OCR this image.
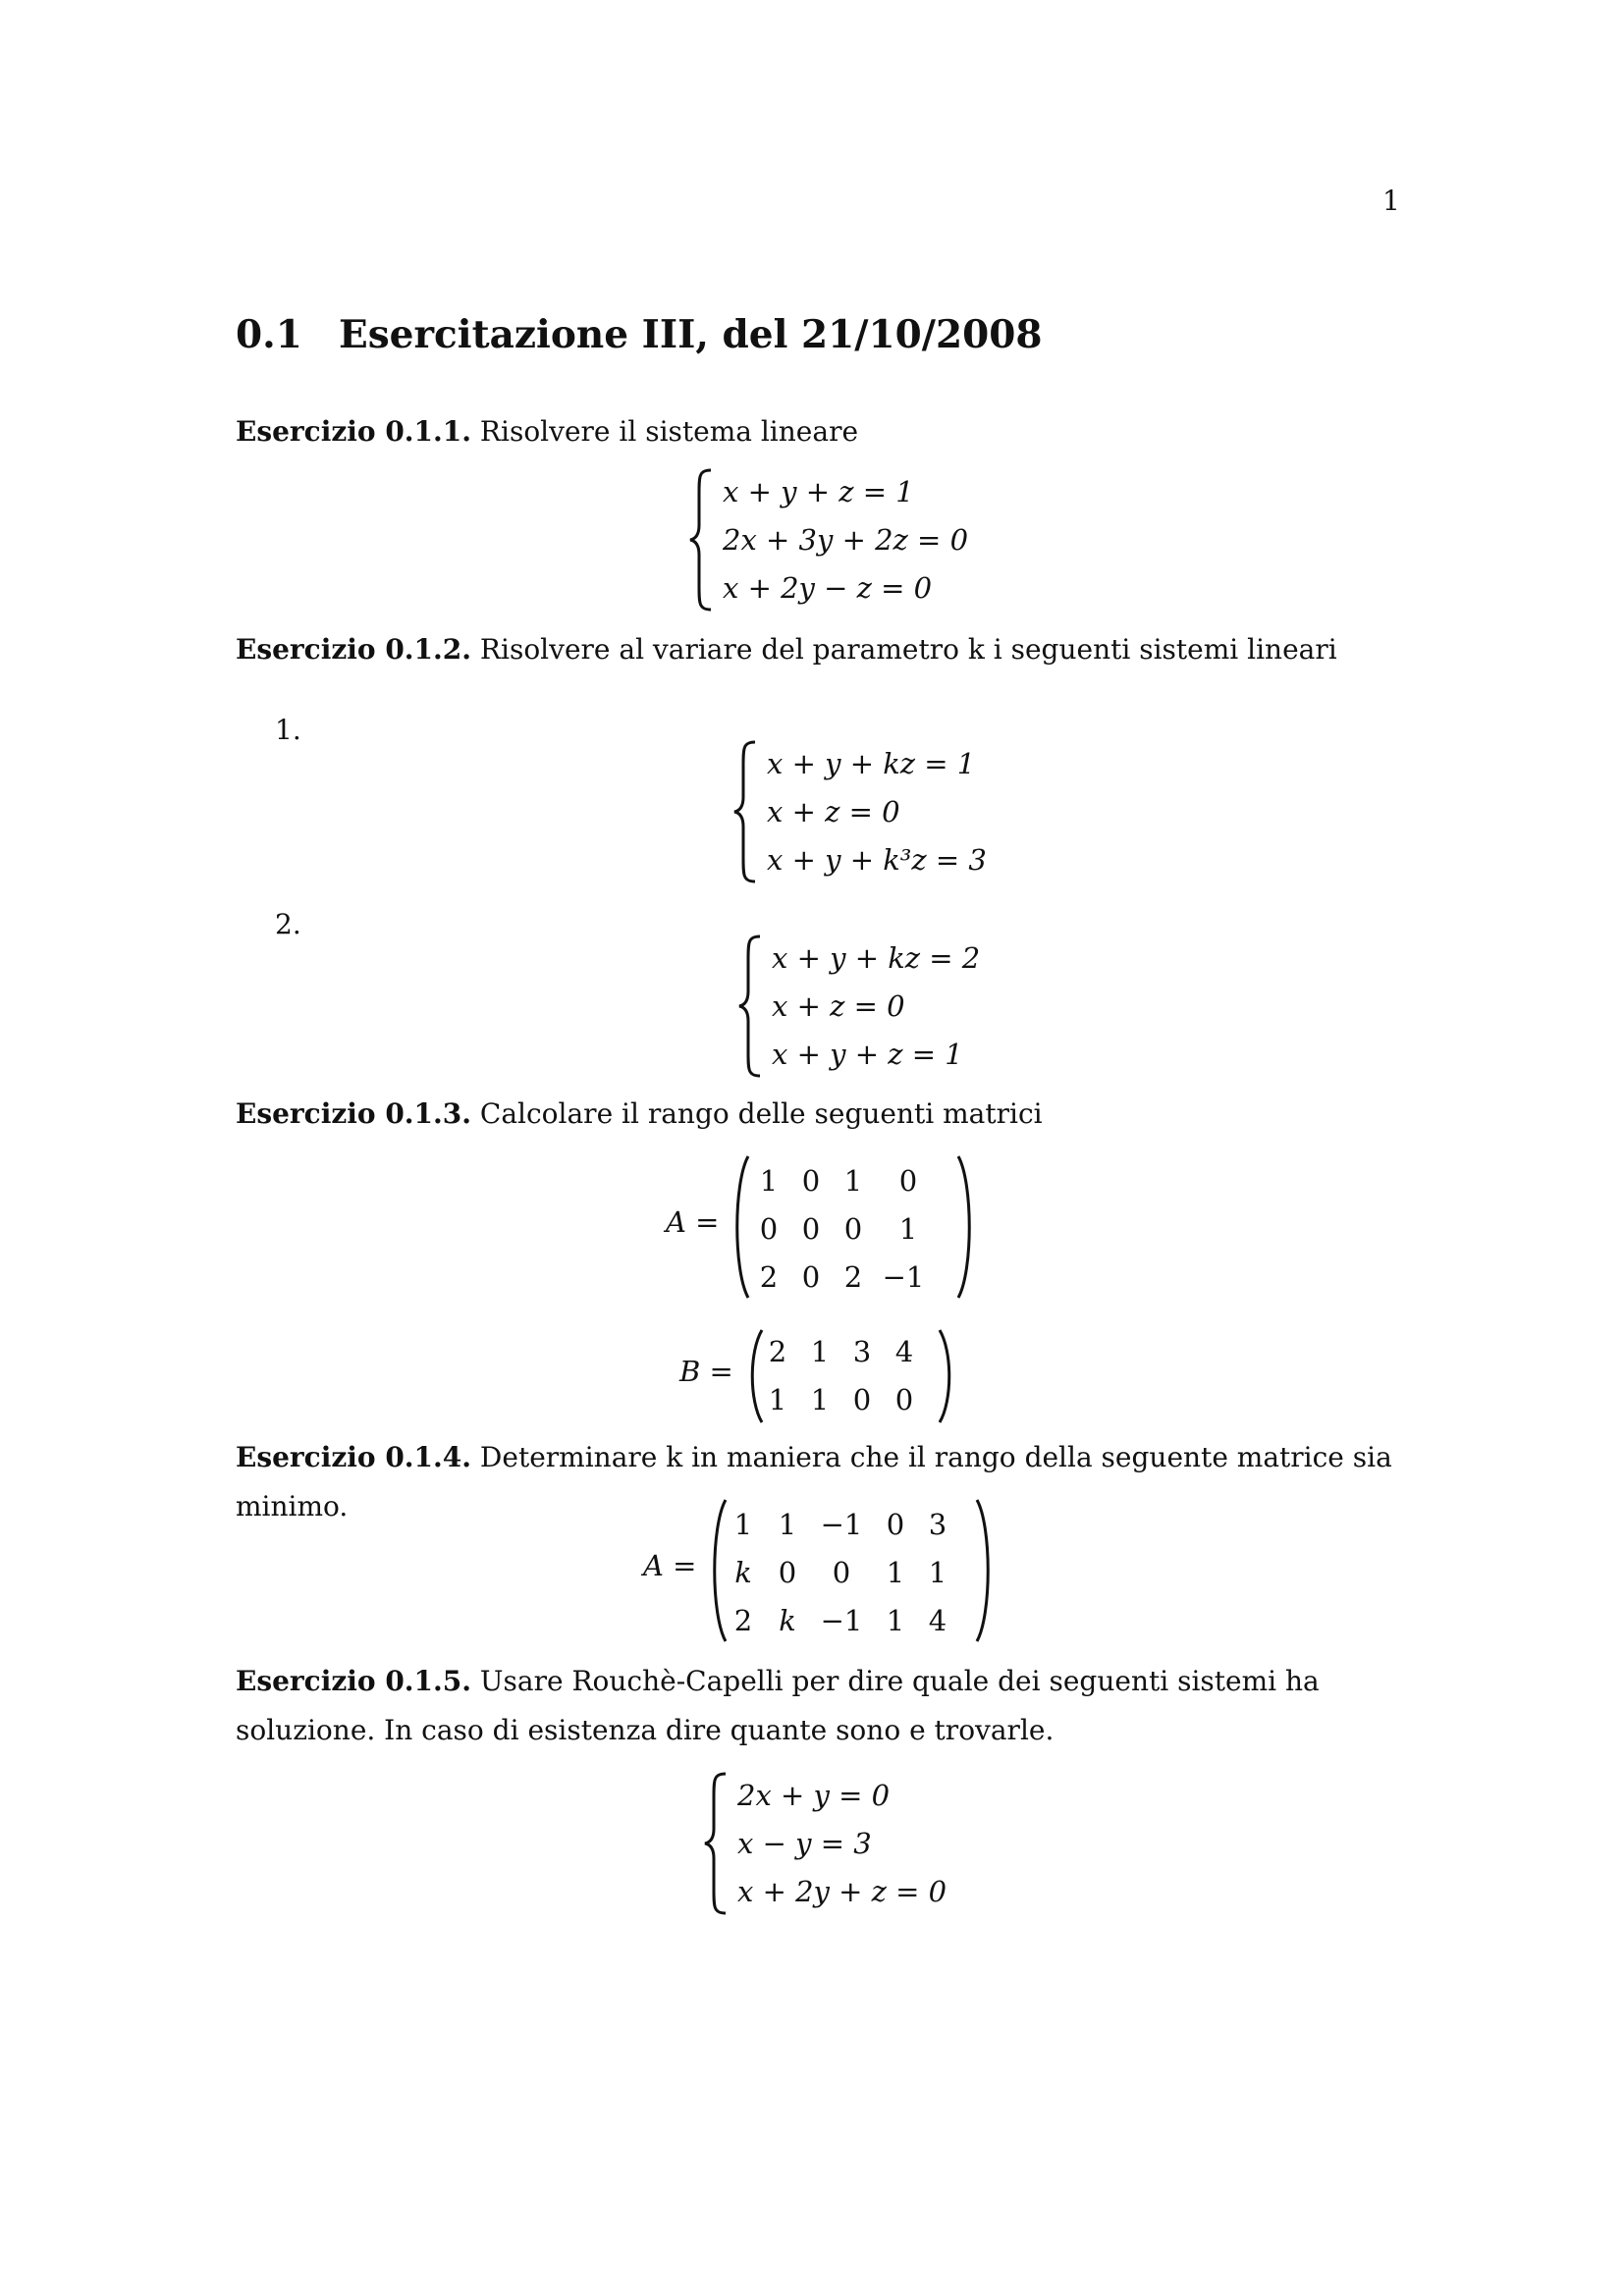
1
0.1 Esercitazione III, del 21/10/2008
Esercizio 0.1.1. Risolvere il sistema lineare
x + y + z = 1
2x + 3y + 2z = 0
x + 2y − z = 0
Esercizio 0.1.2. Risolvere al variare del parametro k i seguenti sistemi lineari
1.
x + y + kz = 1
x + z = 0
x + y + k³z = 3
2.
x + y + kz = 2
x + z = 0
x + y + z = 1
Esercizio 0.1.3. Calcolare il rango delle seguenti matrici
A =
1 0 1	0
0 0 0	1
2 0 2 −1
B =
2 1 3 4
1 1 0 0
Esercizio 0.1.4. Determinare k in maniera che il rango della seguente matrice sia minimo.
A =
1 1 −1 0 3
k 0	0	1 1
2 k −1 1 4
Esercizio 0.1.5. Usare Rouchè-Capelli per dire quale dei seguenti sistemi ha soluzione. In caso di esistenza dire quante sono e trovarle.
2x + y = 0
x − y = 3
x + 2y + z = 0
